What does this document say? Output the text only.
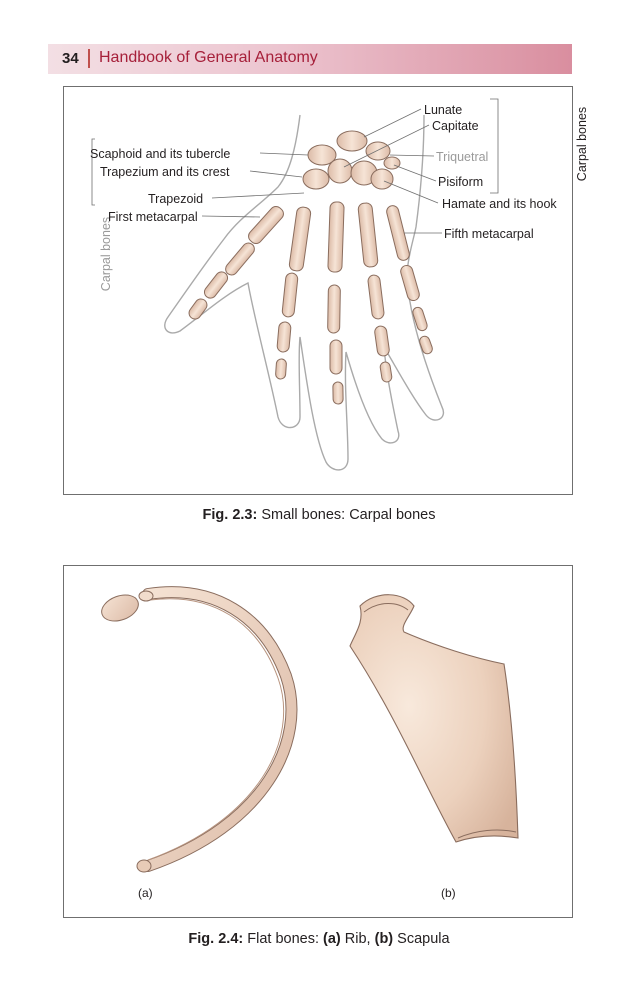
34 Handbook of General Anatomy
Carpal bones
Carpal bones
Scaphoid and its tubercle
Trapezium and its crest
Trapezoid
First metacarpal
Lunate
Capitate
Triquetral
Pisiform
Hamate and its hook
Fifth metacarpal
Fig. 2.3: Small bones: Carpal bones
(a)	(b)
Fig. 2.4: Flat bones: (a) Rib, (b) Scapula
